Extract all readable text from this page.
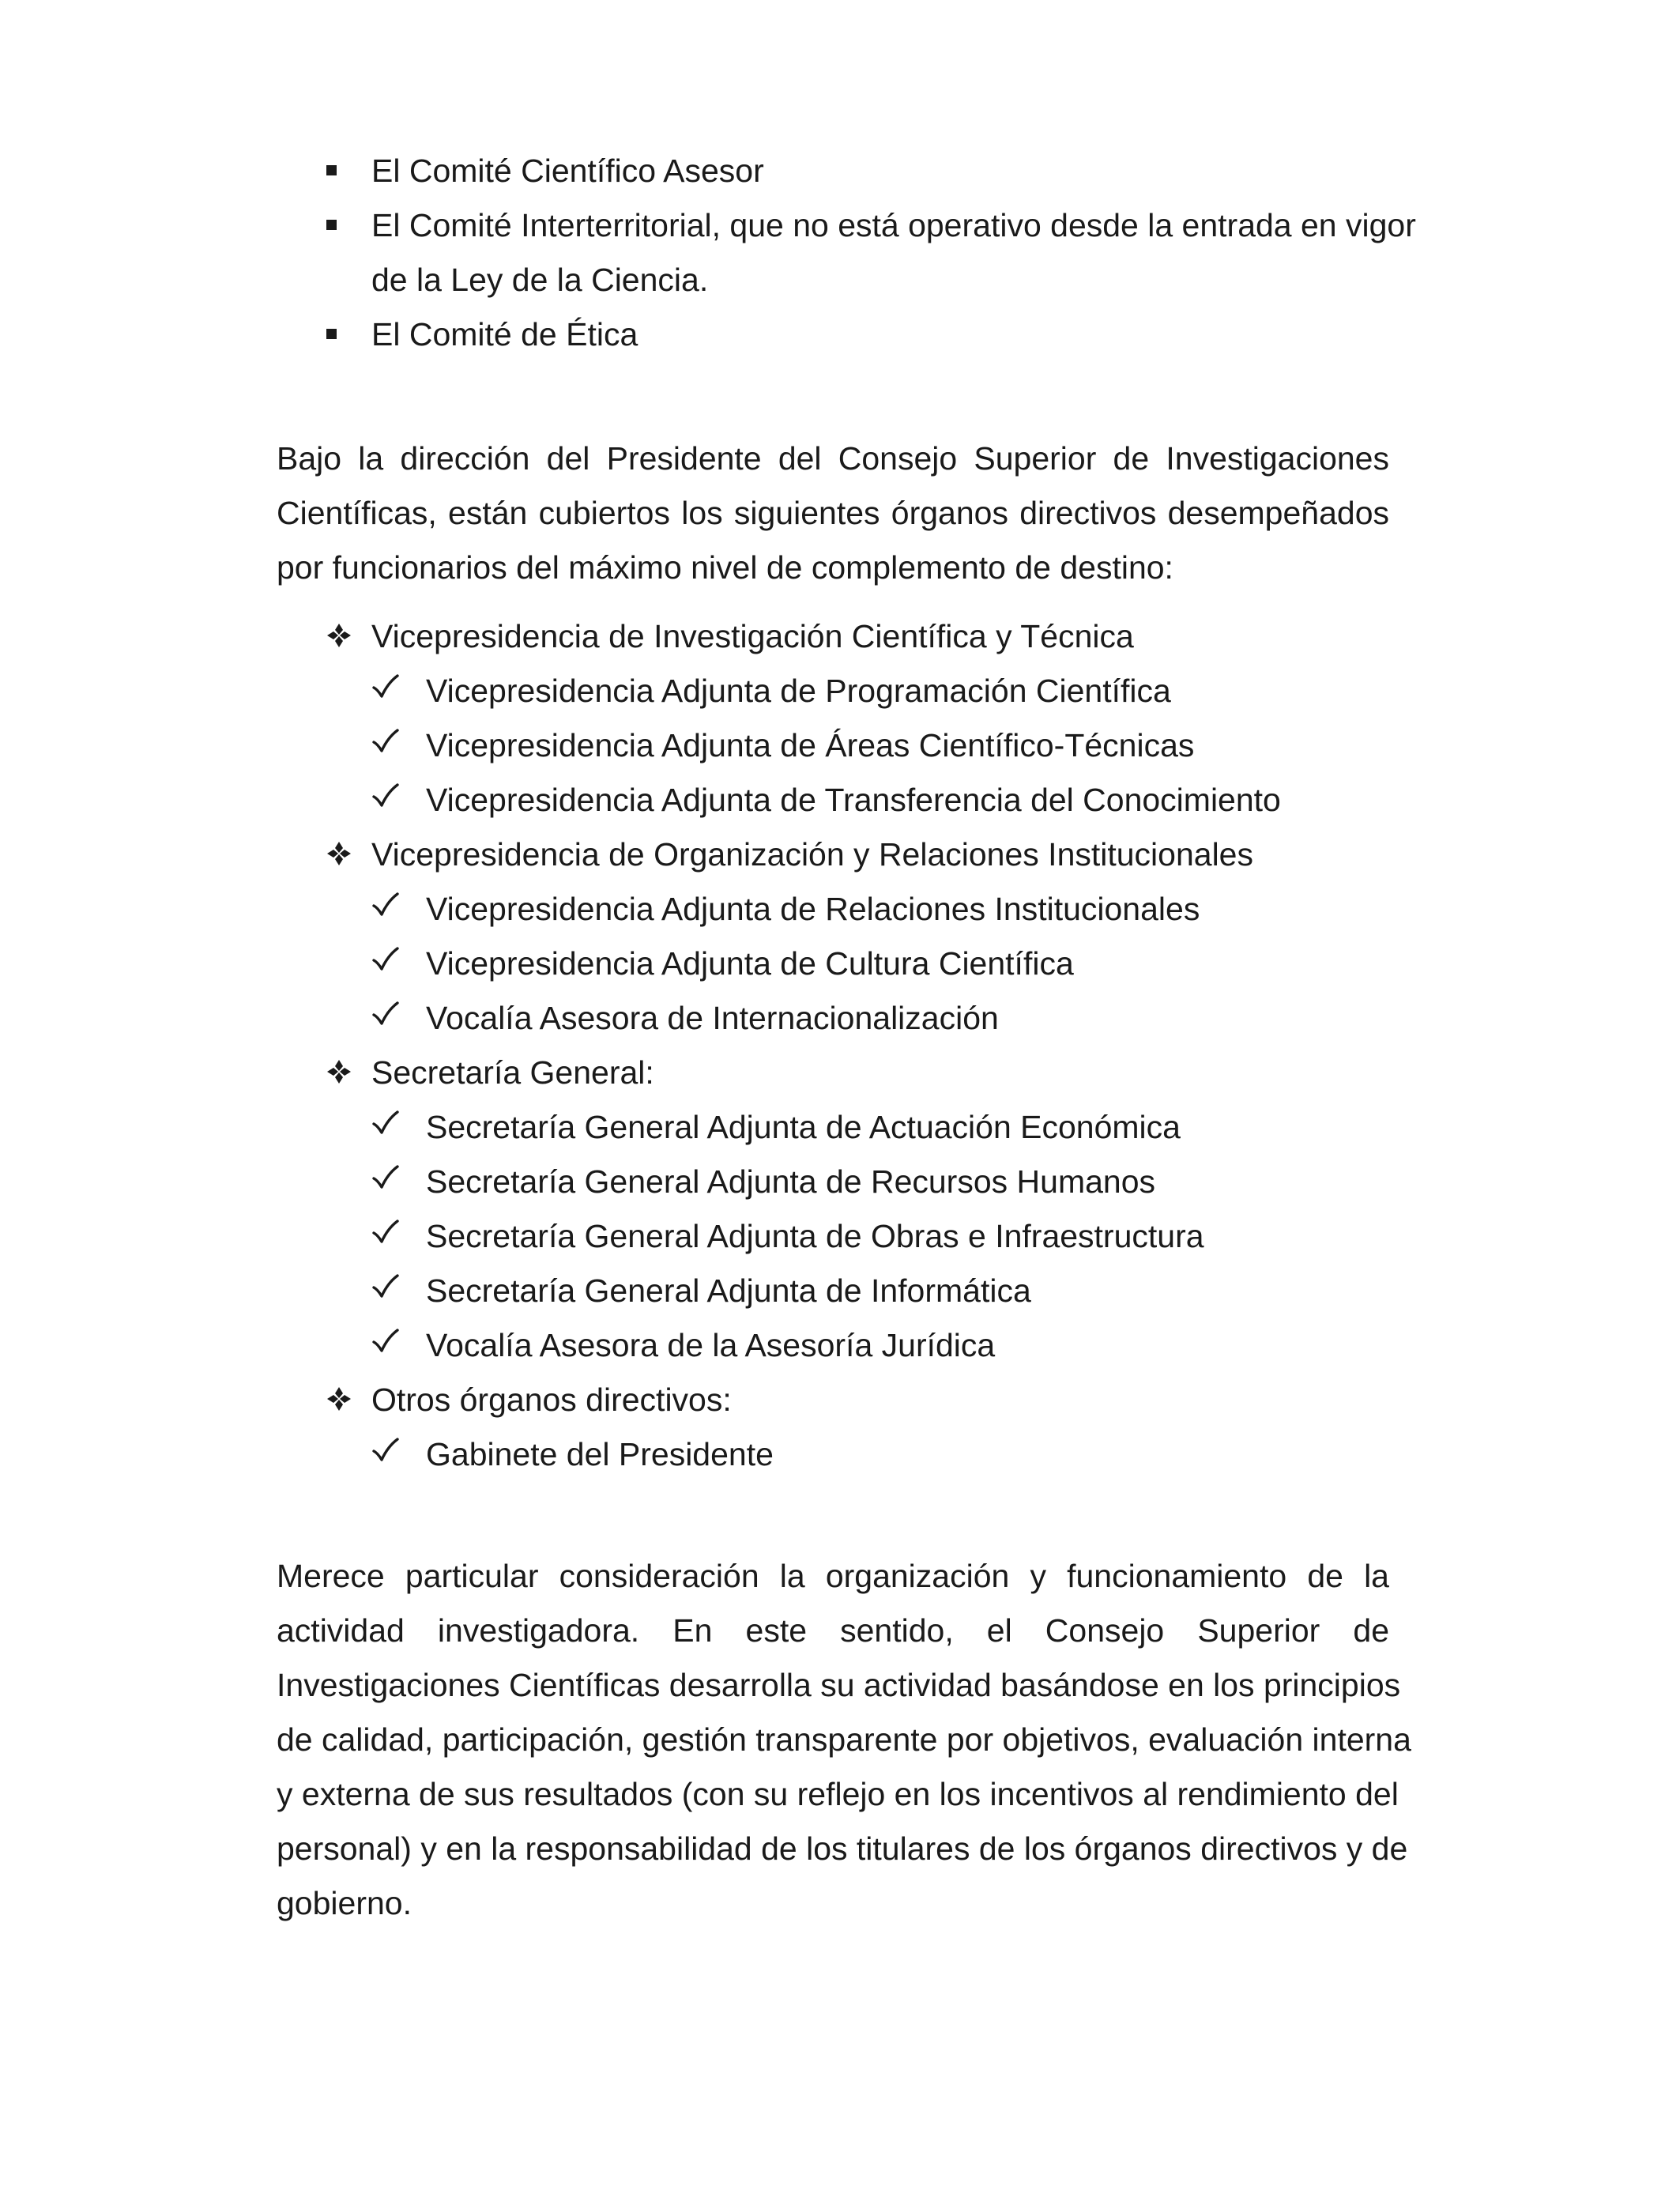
El Comité Científico Asesor
El Comité Interterritorial, que no está operativo desde la entrada en vigor
de la Ley de la Ciencia.
El Comité de Ética
Bajo la dirección del Presidente del Consejo Superior de Investigaciones
Científicas, están cubiertos los siguientes órganos directivos desempeñados
por funcionarios del máximo nivel de complemento de destino:
Vicepresidencia de Investigación Científica y Técnica
Vicepresidencia Adjunta de Programación Científica
Vicepresidencia Adjunta de Áreas Científico-Técnicas
Vicepresidencia Adjunta de Transferencia del Conocimiento
Vicepresidencia de Organización y Relaciones Institucionales
Vicepresidencia Adjunta de Relaciones Institucionales
Vicepresidencia Adjunta de Cultura Científica
Vocalía Asesora de Internacionalización
Secretaría General:
Secretaría General Adjunta de Actuación Económica
Secretaría General Adjunta de Recursos Humanos
Secretaría General Adjunta de Obras e Infraestructura
Secretaría General Adjunta de Informática
Vocalía Asesora de la Asesoría Jurídica
Otros órganos directivos:
Gabinete del Presidente
Merece particular consideración la organización y funcionamiento de la
actividad investigadora. En este sentido, el Consejo Superior de
Investigaciones Científicas desarrolla su actividad basándose en los principios
de calidad, participación, gestión transparente por objetivos, evaluación interna
y externa de sus resultados (con su reflejo en los incentivos al rendimiento del
personal) y en la responsabilidad de los titulares de los órganos directivos y de
gobierno.
